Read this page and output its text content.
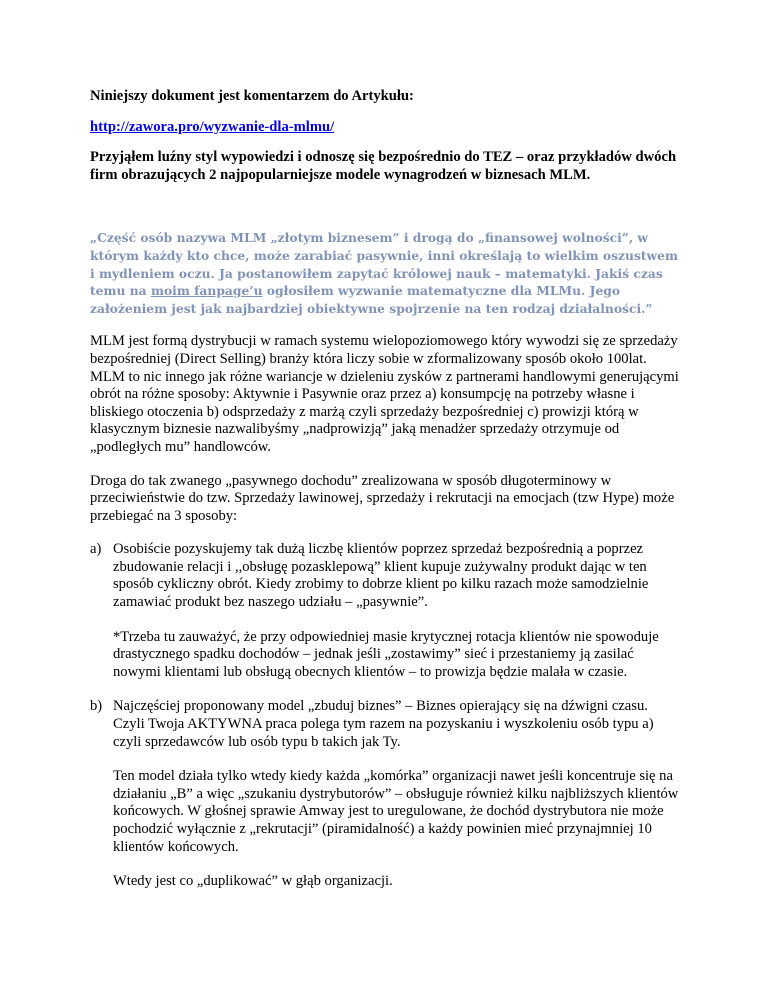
Niniejszy dokument jest komentarzem do Artykułu:

http://zawora.pro/wyzwanie-dla-mlmu/

Przyjąłem luźny styl wypowiedzi i odnoszę się bezpośrednio do TEZ – oraz przykładów dwóch firm obrazujących 2 najpopularniejsze modele wynagrodzeń w biznesach MLM.

„Część osób nazywa MLM „złotym biznesem” i drogą do „finansowej wolności”, w którym każdy kto chce, może zarabiać pasywnie, inni określają to wielkim oszustwem i mydleniem oczu. Ja postanowiłem zapytać królowej nauk – matematyki. Jakiś czas temu na moim fanpage’u ogłosiłem wyzwanie matematyczne dla MLMu. Jego założeniem jest jak najbardziej obiektywne spojrzenie na ten rodzaj działalności.”

MLM jest formą dystrybucji w ramach systemu wielopoziomowego który wywodzi się ze sprzedaży bezpośredniej (Direct Selling) branży która liczy sobie w zformalizowany sposób około 100lat. MLM to nic innego jak różne wariancje w dzieleniu zysków z partnerami handlowymi generującymi obrót na różne sposoby: Aktywnie i Pasywnie oraz przez a) konsumpcję na potrzeby własne i bliskiego otoczenia b) odsprzedaży z marżą czyli sprzedaży bezpośredniej c) prowizji którą w klasycznym biznesie nazwalibyśmy „nadprowizją” jaką menadżer sprzedaży otrzymuje od „podległych mu” handlowców.

Droga do tak zwanego „pasywnego dochodu” zrealizowana w sposób długoterminowy w przeciwieństwie do tzw. Sprzedaży lawinowej, sprzedaży i rekrutacji na emocjach (tzw Hype) może przebiegać na 3 sposoby:

a) Osobiście pozyskujemy tak dużą liczbę klientów poprzez sprzedaż bezpośrednią a poprzez zbudowanie relacji i ,,obsługę pozasklepową” klient kupuje zużywalny produkt dając w ten sposób cykliczny obrót. Kiedy zrobimy to dobrze klient po kilku razach może samodzielnie zamawiać produkt bez naszego udziału – „pasywnie”.

*Trzeba tu zauważyć, że przy odpowiedniej masie krytycznej rotacja klientów nie spowoduje drastycznego spadku dochodów – jednak jeśli „zostawimy” sieć i przestaniemy ją zasilać nowymi klientami lub obsługą obecnych klientów – to prowizja będzie malała w czasie.

b) Najczęściej proponowany model „zbuduj biznes” – Biznes opierający się na dźwigni czasu. Czyli Twoja AKTYWNA praca polega tym razem na pozyskaniu i wyszkoleniu osób typu a) czyli sprzedawców lub osób typu b takich jak Ty.

Ten model działa tylko wtedy kiedy każda „komórka” organizacji nawet jeśli koncentruje się na działaniu „B” a więc „szukaniu dystrybutorów” – obsługuje również kilku najbliższych klientów końcowych. W głośnej sprawie Amway jest to uregulowane, że dochód dystrybutora nie może pochodzić wyłącznie z „rekrutacji” (piramidalność) a każdy powinien mieć przynajmniej 10 klientów końcowych.

Wtedy jest co „duplikować” w głąb organizacji.
